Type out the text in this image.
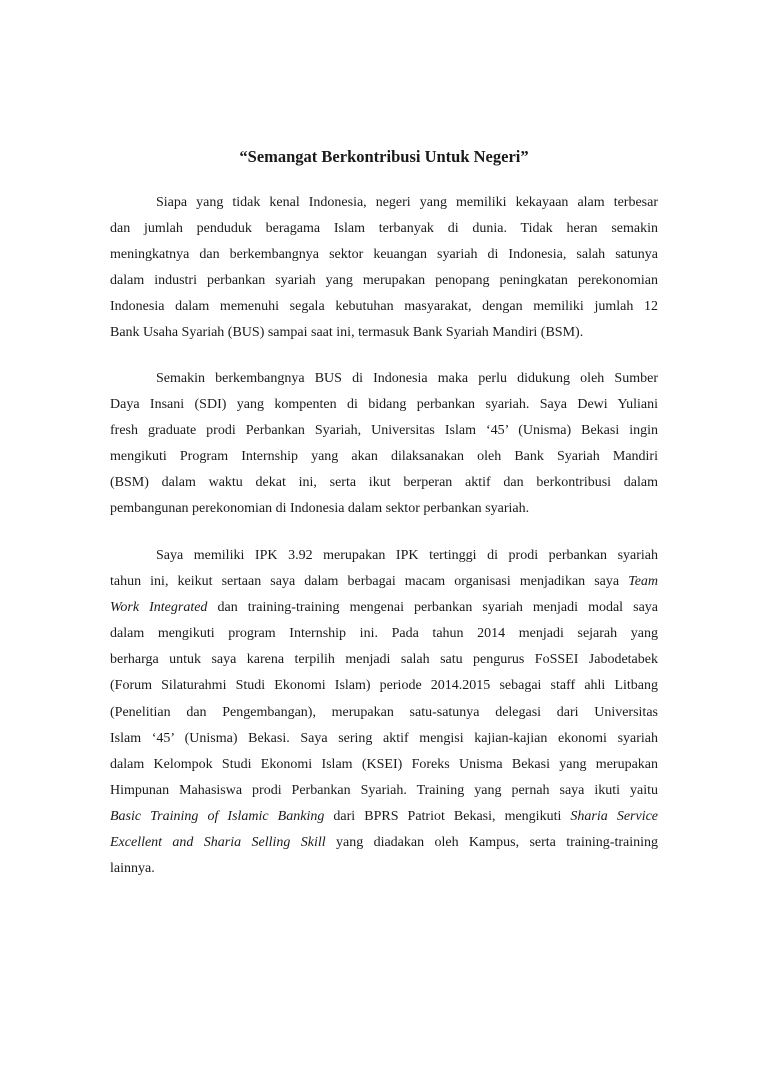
“Semangat Berkontribusi Untuk Negeri”
Siapa yang tidak kenal Indonesia, negeri yang memiliki kekayaan alam terbesar
dan jumlah penduduk beragama Islam terbanyak di dunia. Tidak heran semakin
meningkatnya dan berkembangnya sektor keuangan syariah di Indonesia, salah satunya
dalam industri perbankan syariah yang merupakan penopang peningkatan perekonomian
Indonesia dalam memenuhi segala kebutuhan masyarakat, dengan memiliki jumlah 12
Bank Usaha Syariah (BUS) sampai saat ini, termasuk Bank Syariah Mandiri (BSM).
Semakin berkembangnya BUS di Indonesia maka perlu didukung oleh Sumber
Daya Insani (SDI) yang kompenten di bidang perbankan syariah. Saya Dewi Yuliani
fresh graduate prodi Perbankan Syariah, Universitas Islam ‘45’ (Unisma) Bekasi ingin
mengikuti Program Internship yang akan dilaksanakan oleh Bank Syariah Mandiri
(BSM) dalam waktu dekat ini, serta ikut berperan aktif dan berkontribusi dalam
pembangunan perekonomian di Indonesia dalam sektor perbankan syariah.
Saya memiliki IPK 3.92 merupakan IPK tertinggi di prodi perbankan syariah
tahun ini, keikut sertaan saya dalam berbagai macam organisasi menjadikan saya Team
Work Integrated dan training-training mengenai perbankan syariah menjadi modal saya
dalam mengikuti program Internship ini. Pada tahun 2014 menjadi sejarah yang
berharga untuk saya karena terpilih menjadi salah satu pengurus FoSSEI Jabodetabek
(Forum Silaturahmi Studi Ekonomi Islam) periode 2014.2015 sebagai staff ahli Litbang
(Penelitian dan Pengembangan), merupakan satu-satunya delegasi dari Universitas
Islam ‘45’ (Unisma) Bekasi. Saya sering aktif mengisi kajian-kajian ekonomi syariah
dalam Kelompok Studi Ekonomi Islam (KSEI) Foreks Unisma Bekasi yang merupakan
Himpunan Mahasiswa prodi Perbankan Syariah. Training yang pernah saya ikuti yaitu
Basic Training of Islamic Banking dari BPRS Patriot Bekasi, mengikuti Sharia Service
Excellent and Sharia Selling Skill yang diadakan oleh Kampus, serta training-training
lainnya.
